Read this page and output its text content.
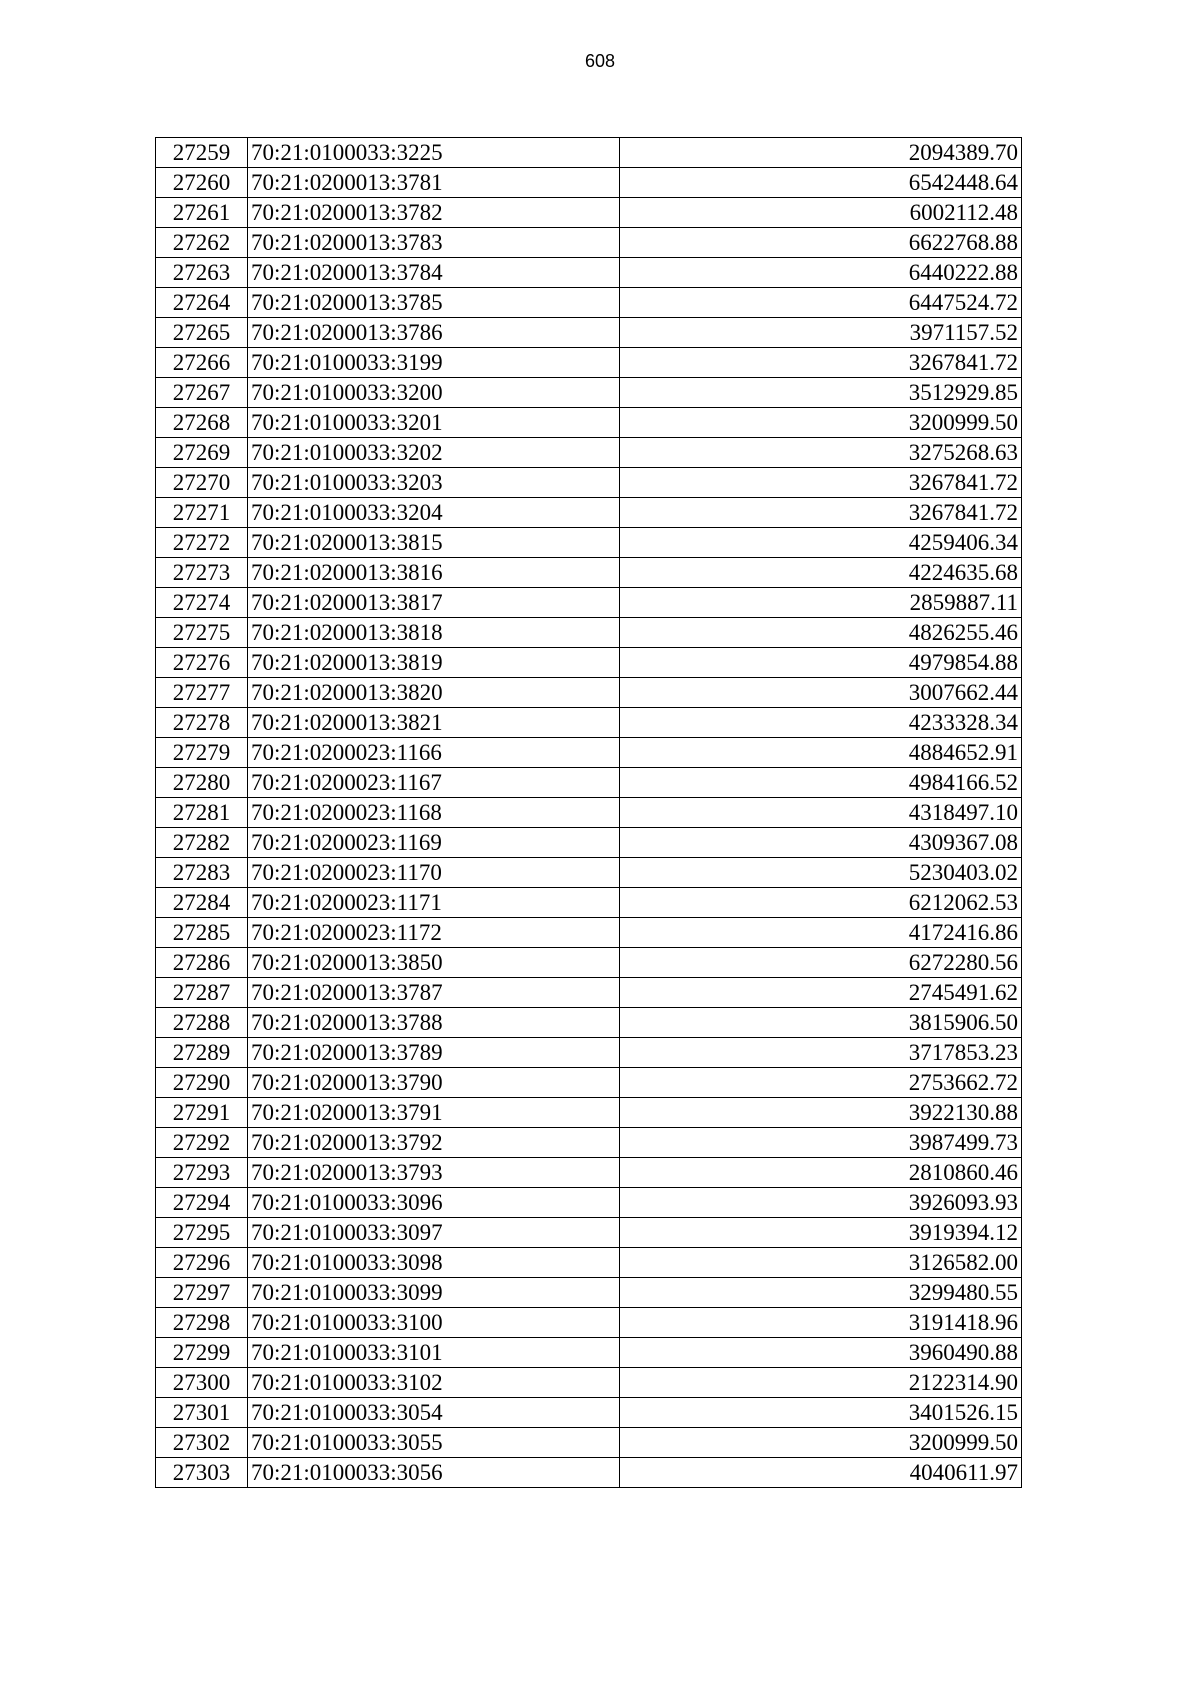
608
27259	70:21:0100033:3225	2094389.70
27260	70:21:0200013:3781	6542448.64
27261	70:21:0200013:3782	6002112.48
27262	70:21:0200013:3783	6622768.88
27263	70:21:0200013:3784	6440222.88
27264	70:21:0200013:3785	6447524.72
27265	70:21:0200013:3786	3971157.52
27266	70:21:0100033:3199	3267841.72
27267	70:21:0100033:3200	3512929.85
27268	70:21:0100033:3201	3200999.50
27269	70:21:0100033:3202	3275268.63
27270	70:21:0100033:3203	3267841.72
27271	70:21:0100033:3204	3267841.72
27272	70:21:0200013:3815	4259406.34
27273	70:21:0200013:3816	4224635.68
27274	70:21:0200013:3817	2859887.11
27275	70:21:0200013:3818	4826255.46
27276	70:21:0200013:3819	4979854.88
27277	70:21:0200013:3820	3007662.44
27278	70:21:0200013:3821	4233328.34
27279	70:21:0200023:1166	4884652.91
27280	70:21:0200023:1167	4984166.52
27281	70:21:0200023:1168	4318497.10
27282	70:21:0200023:1169	4309367.08
27283	70:21:0200023:1170	5230403.02
27284	70:21:0200023:1171	6212062.53
27285	70:21:0200023:1172	4172416.86
27286	70:21:0200013:3850	6272280.56
27287	70:21:0200013:3787	2745491.62
27288	70:21:0200013:3788	3815906.50
27289	70:21:0200013:3789	3717853.23
27290	70:21:0200013:3790	2753662.72
27291	70:21:0200013:3791	3922130.88
27292	70:21:0200013:3792	3987499.73
27293	70:21:0200013:3793	2810860.46
27294	70:21:0100033:3096	3926093.93
27295	70:21:0100033:3097	3919394.12
27296	70:21:0100033:3098	3126582.00
27297	70:21:0100033:3099	3299480.55
27298	70:21:0100033:3100	3191418.96
27299	70:21:0100033:3101	3960490.88
27300	70:21:0100033:3102	2122314.90
27301	70:21:0100033:3054	3401526.15
27302	70:21:0100033:3055	3200999.50
27303	70:21:0100033:3056	4040611.97
